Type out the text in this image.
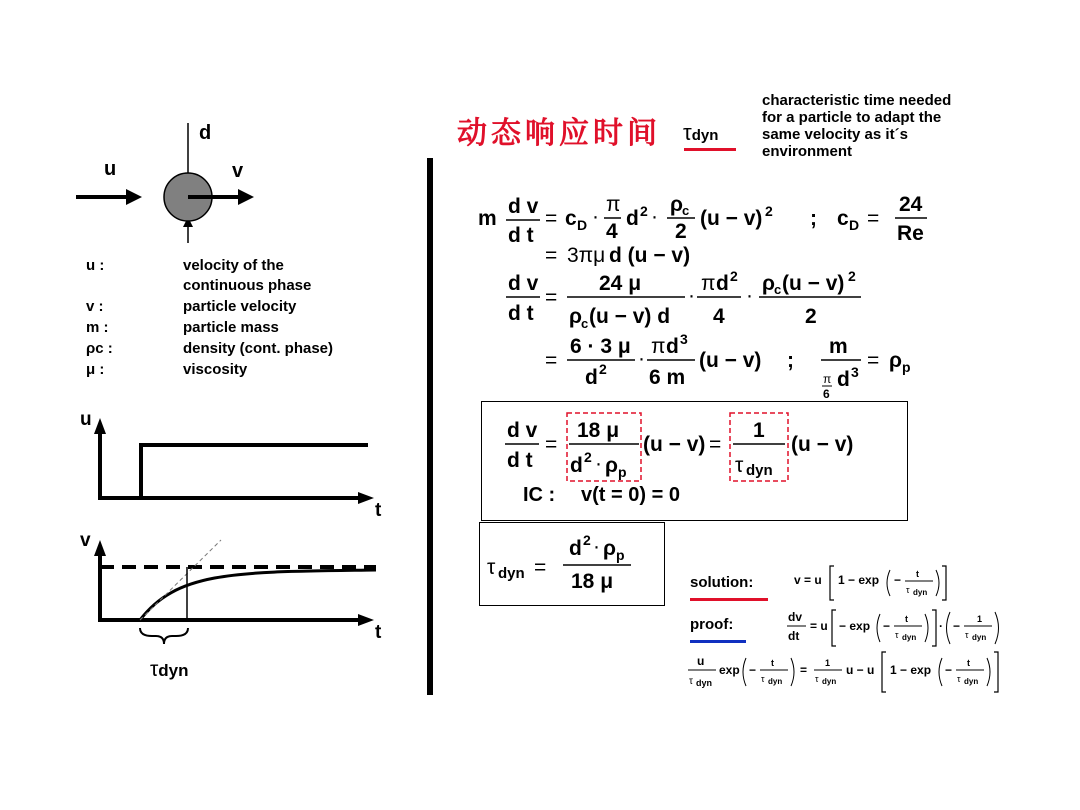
动态响应时间 τdyn
characteristic time needed
for a particle to adapt the
same velocity as it´s
environment
u	v
d
u :	velocity of the
continuous phase
v :	particle velocity
m :	particle mass
ρc :	density (cont. phase)
μ :	viscosity
u
t
v
t
τdyn
m
d v
d t
= c D ·
π
4
d 2 ·
ρ c
2
(u − v) 2 ; c D =
24
Re
= 3πμ d (u − v)
d v
d t
=
24 μ
ρ c (u − v) d
·
π d 2
4
·
ρ c (u − v) 2
2
=
6 · 3 μ
d 2 ·
π d 3
6 m
(u − v) ;
m
π
6
d 3 = ρ p
d v
d t
=
18 μ
d 2 · ρ p
(u − v) =
1
τ dyn
(u − v)
IC : v(t = 0) = 0
τ dyn =
d 2 · ρ p
18 μ	solution:
proof:
v = u 1 − exp − t
τ dyn
dv
dt
= u − exp − t
τ dyn
· − 1
τ dyn
u
τ dyn
exp − t
τ dyn
= 1
τ dyn
u − u 1 − exp − t
τ dyn
